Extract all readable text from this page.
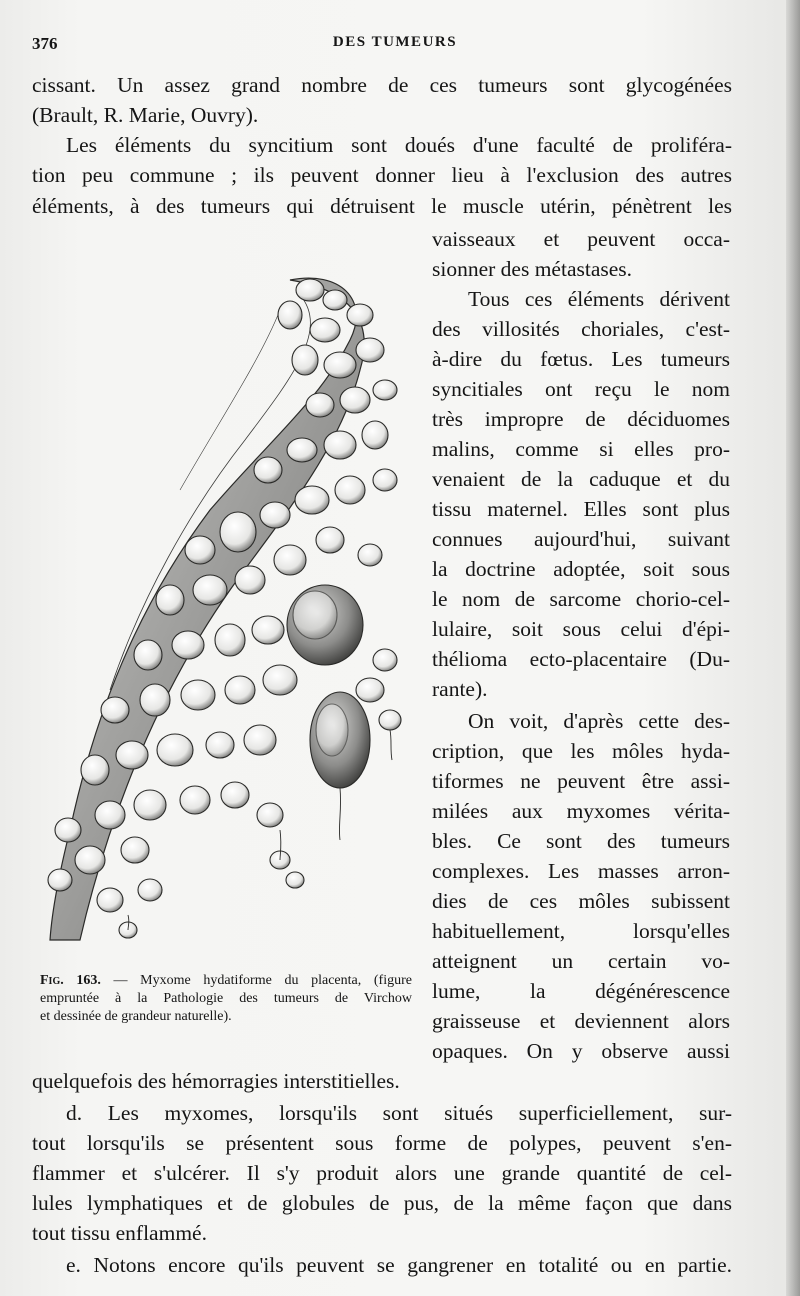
376	DES TUMEURS
cissant. Un assez grand nombre de ces tumeurs sont glycogénées
(Brault, R. Marie, Ouvry).
Les éléments du syncitium sont doués d'une faculté de proliféra-
tion peu commune ; ils peuvent donner lieu à l'exclusion des autres
éléments, à des tumeurs qui détruisent le muscle utérin, pénètrent les
vaisseaux et peuvent occa-
sionner des métastases.
Tous ces éléments dérivent
des villosités choriales, c'est-
à-dire du fœtus. Les tumeurs
syncitiales ont reçu le nom
très impropre de déciduomes
malins, comme si elles pro-
venaient de la caduque et du
tissu maternel. Elles sont plus
connues aujourd'hui, suivant
la doctrine adoptée, soit sous
le nom de sarcome chorio-cel-
lulaire, soit sous celui d'épi-
thélioma ecto-placentaire (Du-
rante).
On voit, d'après cette des-
cription, que les môles hyda-
tiformes ne peuvent être assi-
milées aux myxomes vérita-
bles. Ce sont des tumeurs
complexes. Les masses arron-
dies de ces môles subissent
habituellement, lorsqu'elles
atteignent un certain vo-
lume, la dégénérescence
graisseuse et deviennent alors
opaques. On y observe aussi
quelquefois des hémorragies interstitielles.
d. Les myxomes, lorsqu'ils sont situés superficiellement, sur-
tout lorsqu'ils se présentent sous forme de polypes, peuvent s'en-
flammer et s'ulcérer. Il s'y produit alors une grande quantité de cel-
lules lymphatiques et de globules de pus, de la même façon que dans
tout tissu enflammé.
e. Notons encore qu'ils peuvent se gangrener en totalité ou en partie.
Fig. 163. — Myxome hydatiforme du placenta, (figure
empruntée à la Pathologie des tumeurs de Virchow
et dessinée de grandeur naturelle).
